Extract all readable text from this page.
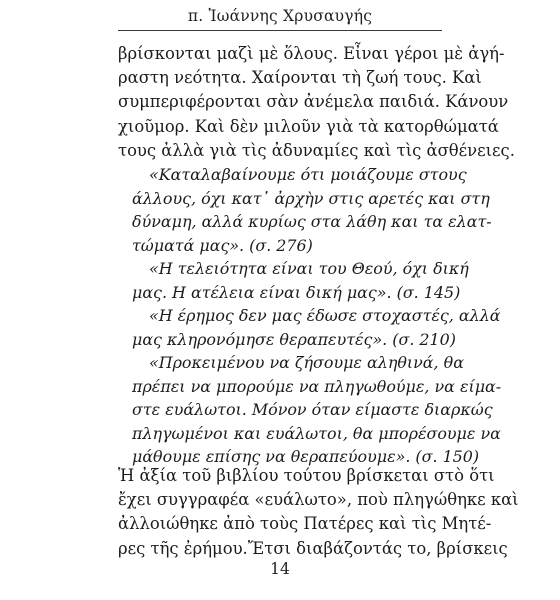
π. Ἰωάννης Χρυσαυγής

βρίσκονται μαζὶ μὲ ὅλους. Εἶναι γέροι μὲ ἀγή-
ραστη νεότητα. Χαίρονται τὴ ζωή τους. Καὶ
συμπεριφέρονται σὰν ἀνέμελα παιδιά. Κάνουν
χιοῦμορ. Καὶ δὲν μιλοῦν γιὰ τὰ κατορθώματά
τους ἀλλὰ γιὰ τὶς ἀδυναμίες καὶ τὶς ἀσθένειες.

«Καταλαβαίνουμε ότι μοιάζουμε στους
άλλους, όχι κατ᾽ ἀρχὴν στις αρετές και στη
δύναμη, αλλά κυρίως στα λάθη και τα ελατ-
τώματά μας». (σ. 276)

«Η τελειότητα είναι του Θεού, όχι δική
μας. Η ατέλεια είναι δική μας». (σ. 145)

«Η έρημος δεν μας έδωσε στοχαστές, αλλά
μας κληρονόμησε θεραπευτές». (σ. 210)

«Προκειμένου να ζήσουμε αληθινά, θα
πρέπει να μπορούμε να πληγωθούμε, να είμα-
στε ευάλωτοι. Μόνον όταν είμαστε διαρκώς
πληγωμένοι και ευάλωτοι, θα μπορέσουμε να
μάθουμε επίσης να θεραπεύουμε». (σ. 150)

Ἡ ἀξία τοῦ βιβλίου τούτου βρίσκεται στὸ ὅτι
ἔχει συγγραφέα «ευάλωτο», ποὺ πληγώθηκε καὶ
ἀλλοιώθηκε ἀπὸ τοὺς Πατέρες καὶ τὶς Μητέ-
ρες τῆς ἐρήμου.Ἔτσι διαβάζοντάς το, βρίσκεις

14
